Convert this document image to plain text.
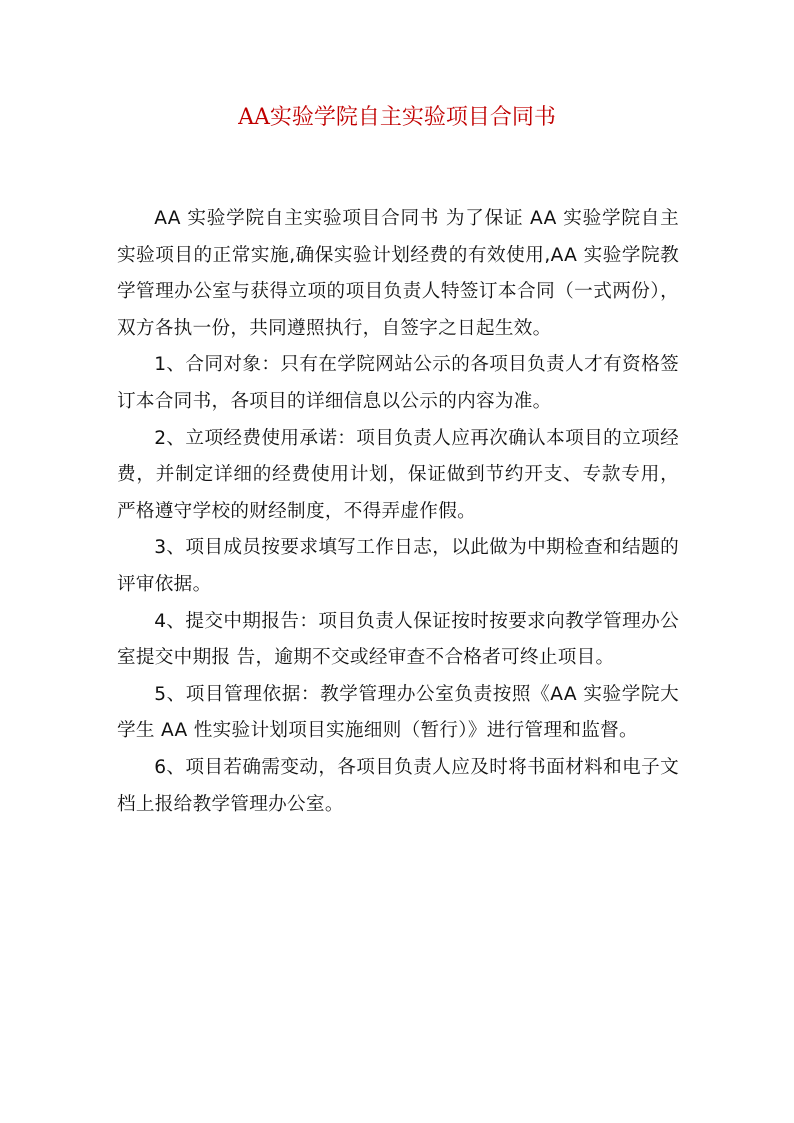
AA实验学院自主实验项目合同书

AA 实验学院自主实验项目合同书 为了保证 AA 实验学院自主实验项目的正常实施,确保实验计划经费的有效使用,AA 实验学院教学管理办公室与获得立项的项目负责人特签订本合同（一式两份），双方各执一份，共同遵照执行，自签字之日起生效。

1、合同对象：只有在学院网站公示的各项目负责人才有资格签订本合同书，各项目的详细信息以公示的内容为准。

2、立项经费使用承诺：项目负责人应再次确认本项目的立项经费，并制定详细的经费使用计划，保证做到节约开支、专款专用，严格遵守学校的财经制度，不得弄虚作假。

3、项目成员按要求填写工作日志，以此做为中期检查和结题的评审依据。

4、提交中期报告：项目负责人保证按时按要求向教学管理办公室提交中期报 告，逾期不交或经审查不合格者可终止项目。

5、项目管理依据：教学管理办公室负责按照《AA 实验学院大学生 AA 性实验计划项目实施细则（暂行）》进行管理和监督。

6、项目若确需变动，各项目负责人应及时将书面材料和电子文档上报给教学管理办公室。
